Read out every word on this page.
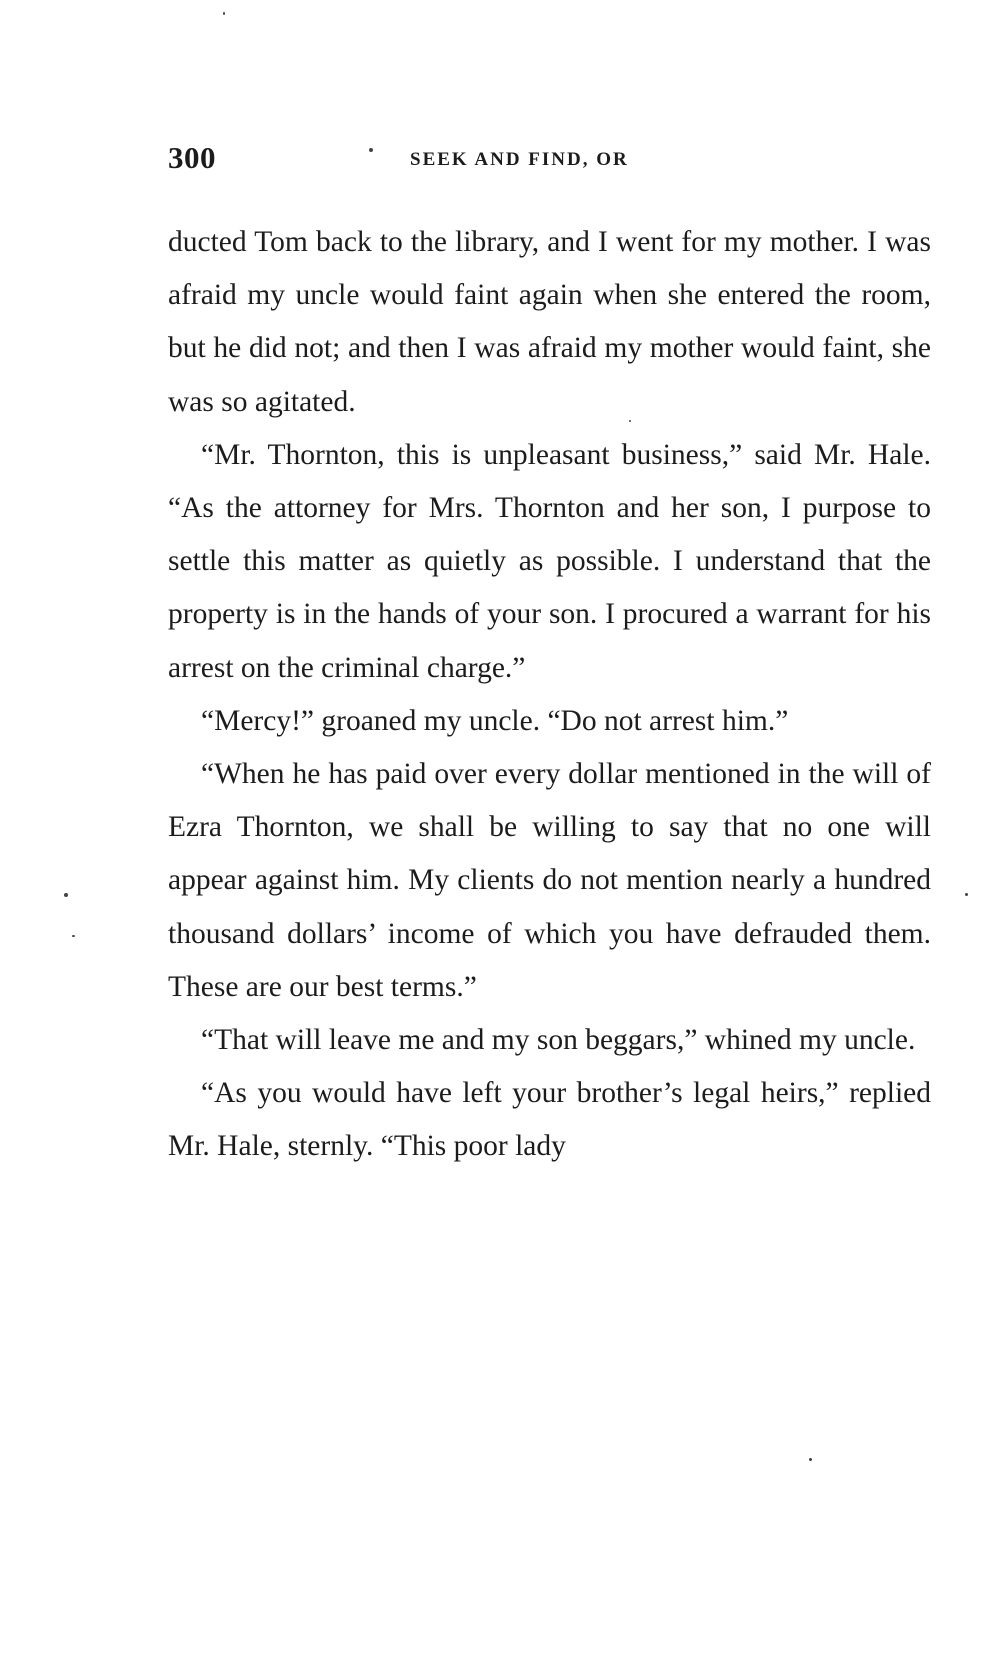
300	SEEK AND FIND, OR

ducted Tom back to the library, and I went for my mother. I was afraid my uncle would faint again when she entered the room, but he did not; and then I was afraid my mother would faint, she was so agitated.

“Mr. Thornton, this is unpleasant business,” said Mr. Hale. “As the attorney for Mrs. Thornton and her son, I purpose to settle this matter as quietly as possible. I understand that the property is in the hands of your son. I procured a warrant for his arrest on the criminal charge.”

“Mercy!” groaned my uncle. “Do not arrest him.”

“When he has paid over every dollar mentioned in the will of Ezra Thornton, we shall be willing to say that no one will appear against him. My clients do not mention nearly a hundred thousand dollars’ income of which you have defrauded them. These are our best terms.”

“That will leave me and my son beggars,” whined my uncle.

“As you would have left your brother’s legal heirs,” replied Mr. Hale, sternly. “This poor lady
